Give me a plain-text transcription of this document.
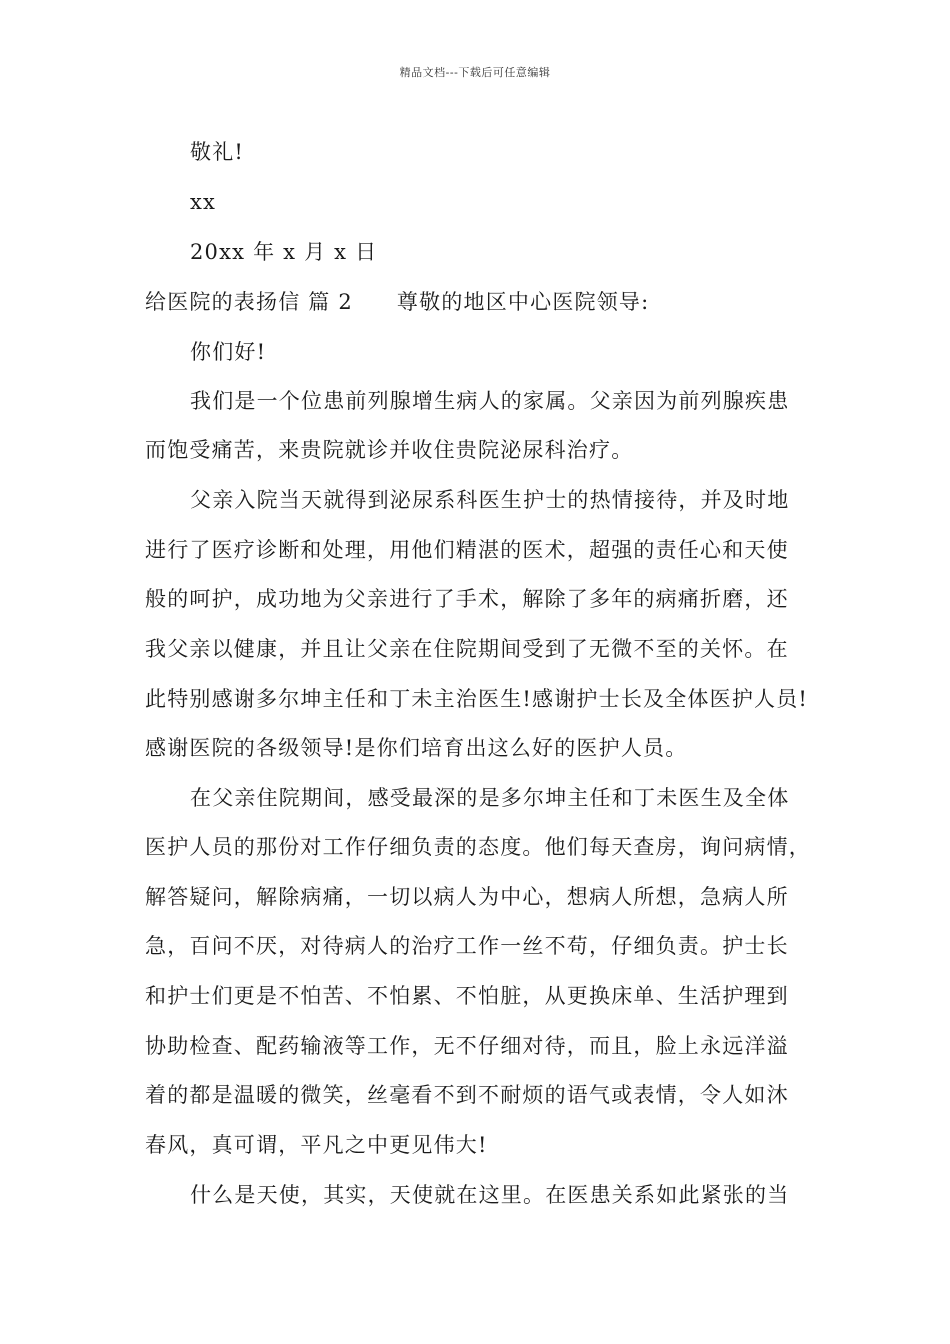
精品文档---下载后可任意编辑
敬礼!
xx
20xx 年 x 月 x 日
给医院的表扬信 篇 2 尊敬的地区中心医院领导:
你们好!
我们是一个位患前列腺增生病人的家属。父亲因为前列腺疾患
而饱受痛苦，来贵院就诊并收住贵院泌尿科治疗。
父亲入院当天就得到泌尿系科医生护士的热情接待，并及时地
进行了医疗诊断和处理，用他们精湛的医术，超强的责任心和天使
般的呵护，成功地为父亲进行了手术，解除了多年的病痛折磨，还
我父亲以健康，并且让父亲在住院期间受到了无微不至的关怀。在
此特别感谢多尔坤主任和丁未主治医生!感谢护士长及全体医护人员!
感谢医院的各级领导!是你们培育出这么好的医护人员。
在父亲住院期间，感受最深的是多尔坤主任和丁未医生及全体
医护人员的那份对工作仔细负责的态度。他们每天查房，询问病情，
解答疑问，解除病痛，一切以病人为中心，想病人所想，急病人所
急，百问不厌，对待病人的治疗工作一丝不苟，仔细负责。护士长
和护士们更是不怕苦、不怕累、不怕脏，从更换床单、生活护理到
协助检查、配药输液等工作，无不仔细对待，而且，脸上永远洋溢
着的都是温暖的微笑，丝毫看不到不耐烦的语气或表情，令人如沐
春风，真可谓，平凡之中更见伟大!
什么是天使，其实，天使就在这里。在医患关系如此紧张的当
